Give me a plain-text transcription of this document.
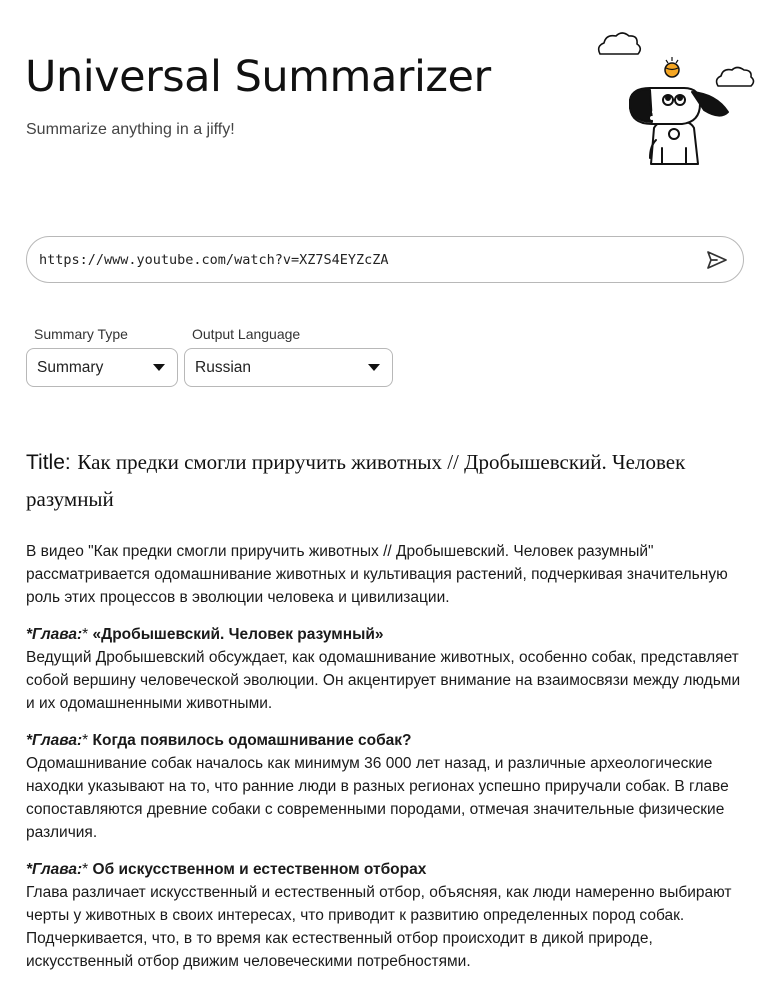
Universal Summarizer
Summarize anything in a jiffy!
https://www.youtube.com/watch?v=XZ7S4EYZcZA
Summary Type	Output Language
Summary	Russian
Title: Как предки смогли приручить животных // Дробышевский. Человек разумный

В видео "Как предки смогли приручить животных // Дробышевский. Человек разумный" рассматривается одомашнивание животных и культивация растений, подчеркивая значительную роль этих процессов в эволюции человека и цивилизации.

*Глава:* «Дробышевский. Человек разумный»
Ведущий Дробышевский обсуждает, как одомашнивание животных, особенно собак, представляет собой вершину человеческой эволюции. Он акцентирует внимание на взаимосвязи между людьми и их одомашненными животными.
*Глава:* Когда появилось одомашнивание собак?
Одомашнивание собак началось как минимум 36 000 лет назад, и различные археологические находки указывают на то, что ранние люди в разных регионах успешно приручали собак. В главе сопоставляются древние собаки с современными породами, отмечая значительные физические различия.
*Глава:* Об искусственном и естественном отборах
Глава различает искусственный и естественный отбор, объясняя, как люди намеренно выбирают черты у животных в своих интересах, что приводит к развитию определенных пород собак. Подчеркивается, что, в то время как естественный отбор происходит в дикой природе, искусственный отбор движим человеческими потребностями.
